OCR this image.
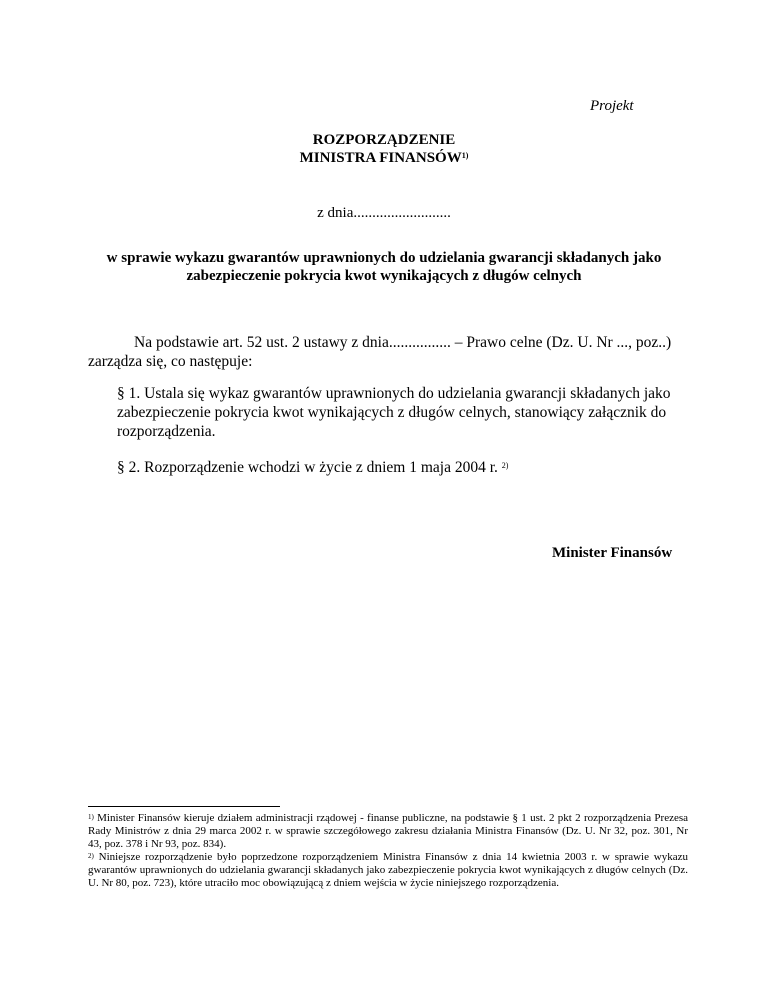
Projekt
ROZPORZĄDZENIE
MINISTRA FINANSÓW$^{1)}$
z dnia..........................
w sprawie wykazu gwarantów uprawnionych do udzielania gwarancji składanych jako zabezpieczenie pokrycia kwot wynikających z długów celnych
Na podstawie art. 52 ust. 2 ustawy z dnia................ – Prawo celne (Dz. U. Nr ..., poz..)
zarządza się, co następuje:
§ 1. Ustala się wykaz gwarantów uprawnionych do udzielania gwarancji składanych jako zabezpieczenie pokrycia kwot wynikających z długów celnych, stanowiący załącznik do rozporządzenia.
§ 2. Rozporządzenie wchodzi w życie z dniem 1 maja 2004 r. $^{2)}$
Minister Finansów

$^{1)}$ Minister Finansów kieruje działem administracji rządowej - finanse publiczne, na podstawie § 1 ust. 2 pkt 2 rozporządzenia Prezesa Rady Ministrów z dnia 29 marca 2002 r. w sprawie szczegółowego zakresu działania Ministra Finansów (Dz. U. Nr 32, poz. 301, Nr 43, poz. 378 i Nr 93, poz. 834).

$^{2)}$ Niniejsze rozporządzenie było poprzedzone rozporządzeniem Ministra Finansów z dnia 14 kwietnia 2003 r. w sprawie wykazu gwarantów uprawnionych do udzielania gwarancji składanych jako zabezpieczenie pokrycia kwot wynikających z długów celnych (Dz. U. Nr 80, poz. 723), które utraciło moc obowiązującą z dniem wejścia w życie niniejszego rozporządzenia.
